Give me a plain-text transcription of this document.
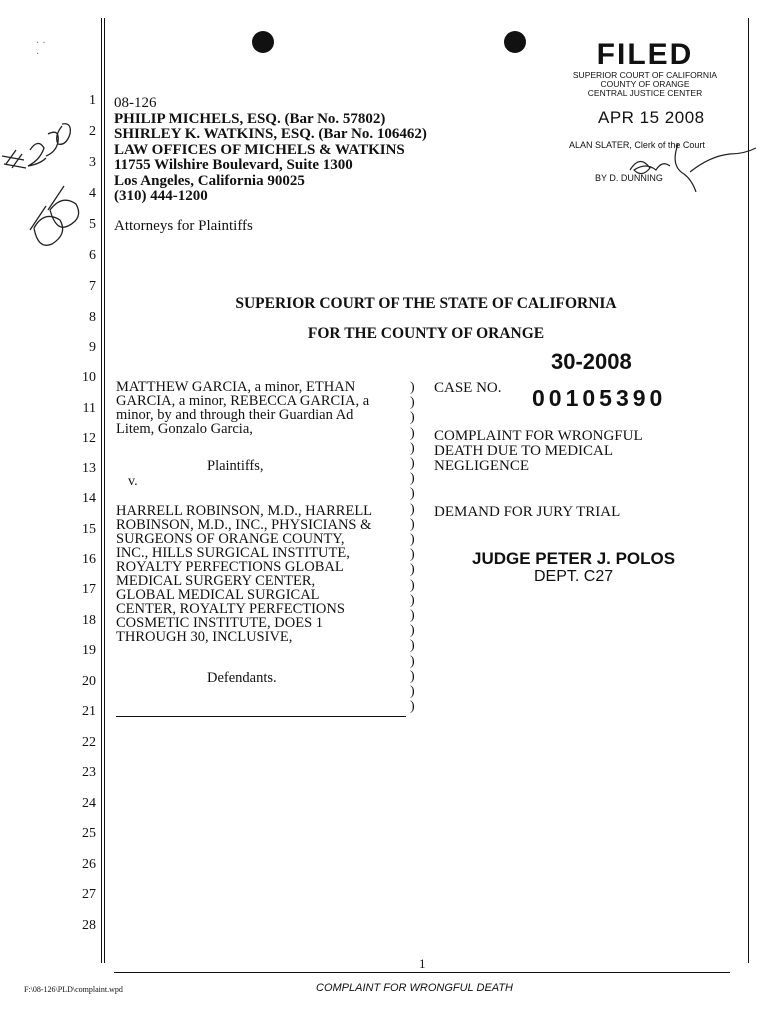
· ·
·
1
2
3
4
5
6
7
8
9
10
11
12
13
14
15
16
17
18
19
20
21
22
23
24
25
26
27
28
FILED
SUPERIOR COURT OF CALIFORNIA
COUNTY OF ORANGE
CENTRAL JUSTICE CENTER
APR 15 2008
ALAN SLATER, Clerk of the Court
BY D. DUNNING
08-126
PHILIP MICHELS, ESQ. (Bar No. 57802)
SHIRLEY K. WATKINS, ESQ. (Bar No. 106462)
LAW OFFICES OF MICHELS & WATKINS
11755 Wilshire Boulevard, Suite 1300
Los Angeles, California 90025
(310) 444-1200
Attorneys for Plaintiffs
SUPERIOR COURT OF THE STATE OF CALIFORNIA
FOR THE COUNTY OF ORANGE
30-2008
CASE NO. 00105390
MATTHEW GARCIA, a minor, ETHAN
GARCIA, a minor, REBECCA GARCIA, a
minor, by and through their Guardian Ad
Litem, Gonzalo Garcia,
Plaintiffs,
v.
HARRELL ROBINSON, M.D., HARRELL
ROBINSON, M.D., INC., PHYSICIANS &
SURGEONS OF ORANGE COUNTY,
INC., HILLS SURGICAL INSTITUTE,
ROYALTY PERFECTIONS GLOBAL
MEDICAL SURGERY CENTER,
GLOBAL MEDICAL SURGICAL
CENTER, ROYALTY PERFECTIONS
COSMETIC INSTITUTE, DOES 1
THROUGH 30, INCLUSIVE,
Defendants.
)
)
)
)
)
)
)
)
)
)
)
)
)
)
)
)
)
)
)
)
)
)
COMPLAINT FOR WRONGFUL
DEATH DUE TO MEDICAL
NEGLIGENCE
DEMAND FOR JURY TRIAL
JUDGE PETER J. POLOS
DEPT. C27
1
F:\08-126\PLD\complaint.wpd	COMPLAINT FOR WRONGFUL DEATH
